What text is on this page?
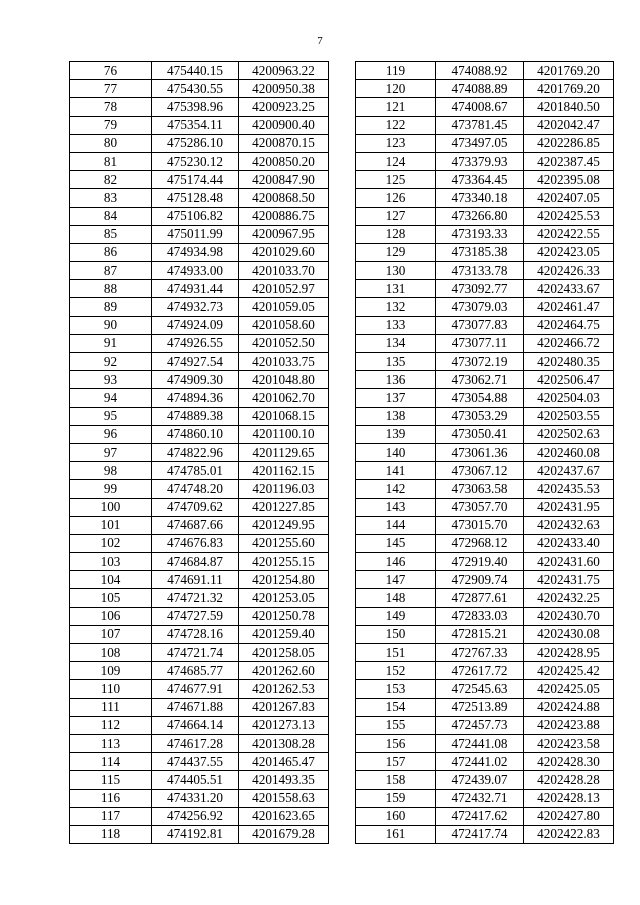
7
76	475440.15	4200963.22
77	475430.55	4200950.38
78	475398.96	4200923.25
79	475354.11	4200900.40
80	475286.10	4200870.15
81	475230.12	4200850.20
82	475174.44	4200847.90
83	475128.48	4200868.50
84	475106.82	4200886.75
85	475011.99	4200967.95
86	474934.98	4201029.60
87	474933.00	4201033.70
88	474931.44	4201052.97
89	474932.73	4201059.05
90	474924.09	4201058.60
91	474926.55	4201052.50
92	474927.54	4201033.75
93	474909.30	4201048.80
94	474894.36	4201062.70
95	474889.38	4201068.15
96	474860.10	4201100.10
97	474822.96	4201129.65
98	474785.01	4201162.15
99	474748.20	4201196.03
100	474709.62	4201227.85
101	474687.66	4201249.95
102	474676.83	4201255.60
103	474684.87	4201255.15
104	474691.11	4201254.80
105	474721.32	4201253.05
106	474727.59	4201250.78
107	474728.16	4201259.40
108	474721.74	4201258.05
109	474685.77	4201262.60
110	474677.91	4201262.53
111	474671.88	4201267.83
112	474664.14	4201273.13
113	474617.28	4201308.28
114	474437.55	4201465.47
115	474405.51	4201493.35
116	474331.20	4201558.63
117	474256.92	4201623.65
118	474192.81	4201679.28
119	474088.92	4201769.20
120	474088.89	4201769.20
121	474008.67	4201840.50
122	473781.45	4202042.47
123	473497.05	4202286.85
124	473379.93	4202387.45
125	473364.45	4202395.08
126	473340.18	4202407.05
127	473266.80	4202425.53
128	473193.33	4202422.55
129	473185.38	4202423.05
130	473133.78	4202426.33
131	473092.77	4202433.67
132	473079.03	4202461.47
133	473077.83	4202464.75
134	473077.11	4202466.72
135	473072.19	4202480.35
136	473062.71	4202506.47
137	473054.88	4202504.03
138	473053.29	4202503.55
139	473050.41	4202502.63
140	473061.36	4202460.08
141	473067.12	4202437.67
142	473063.58	4202435.53
143	473057.70	4202431.95
144	473015.70	4202432.63
145	472968.12	4202433.40
146	472919.40	4202431.60
147	472909.74	4202431.75
148	472877.61	4202432.25
149	472833.03	4202430.70
150	472815.21	4202430.08
151	472767.33	4202428.95
152	472617.72	4202425.42
153	472545.63	4202425.05
154	472513.89	4202424.88
155	472457.73	4202423.88
156	472441.08	4202423.58
157	472441.02	4202428.30
158	472439.07	4202428.28
159	472432.71	4202428.13
160	472417.62	4202427.80
161	472417.74	4202422.83
